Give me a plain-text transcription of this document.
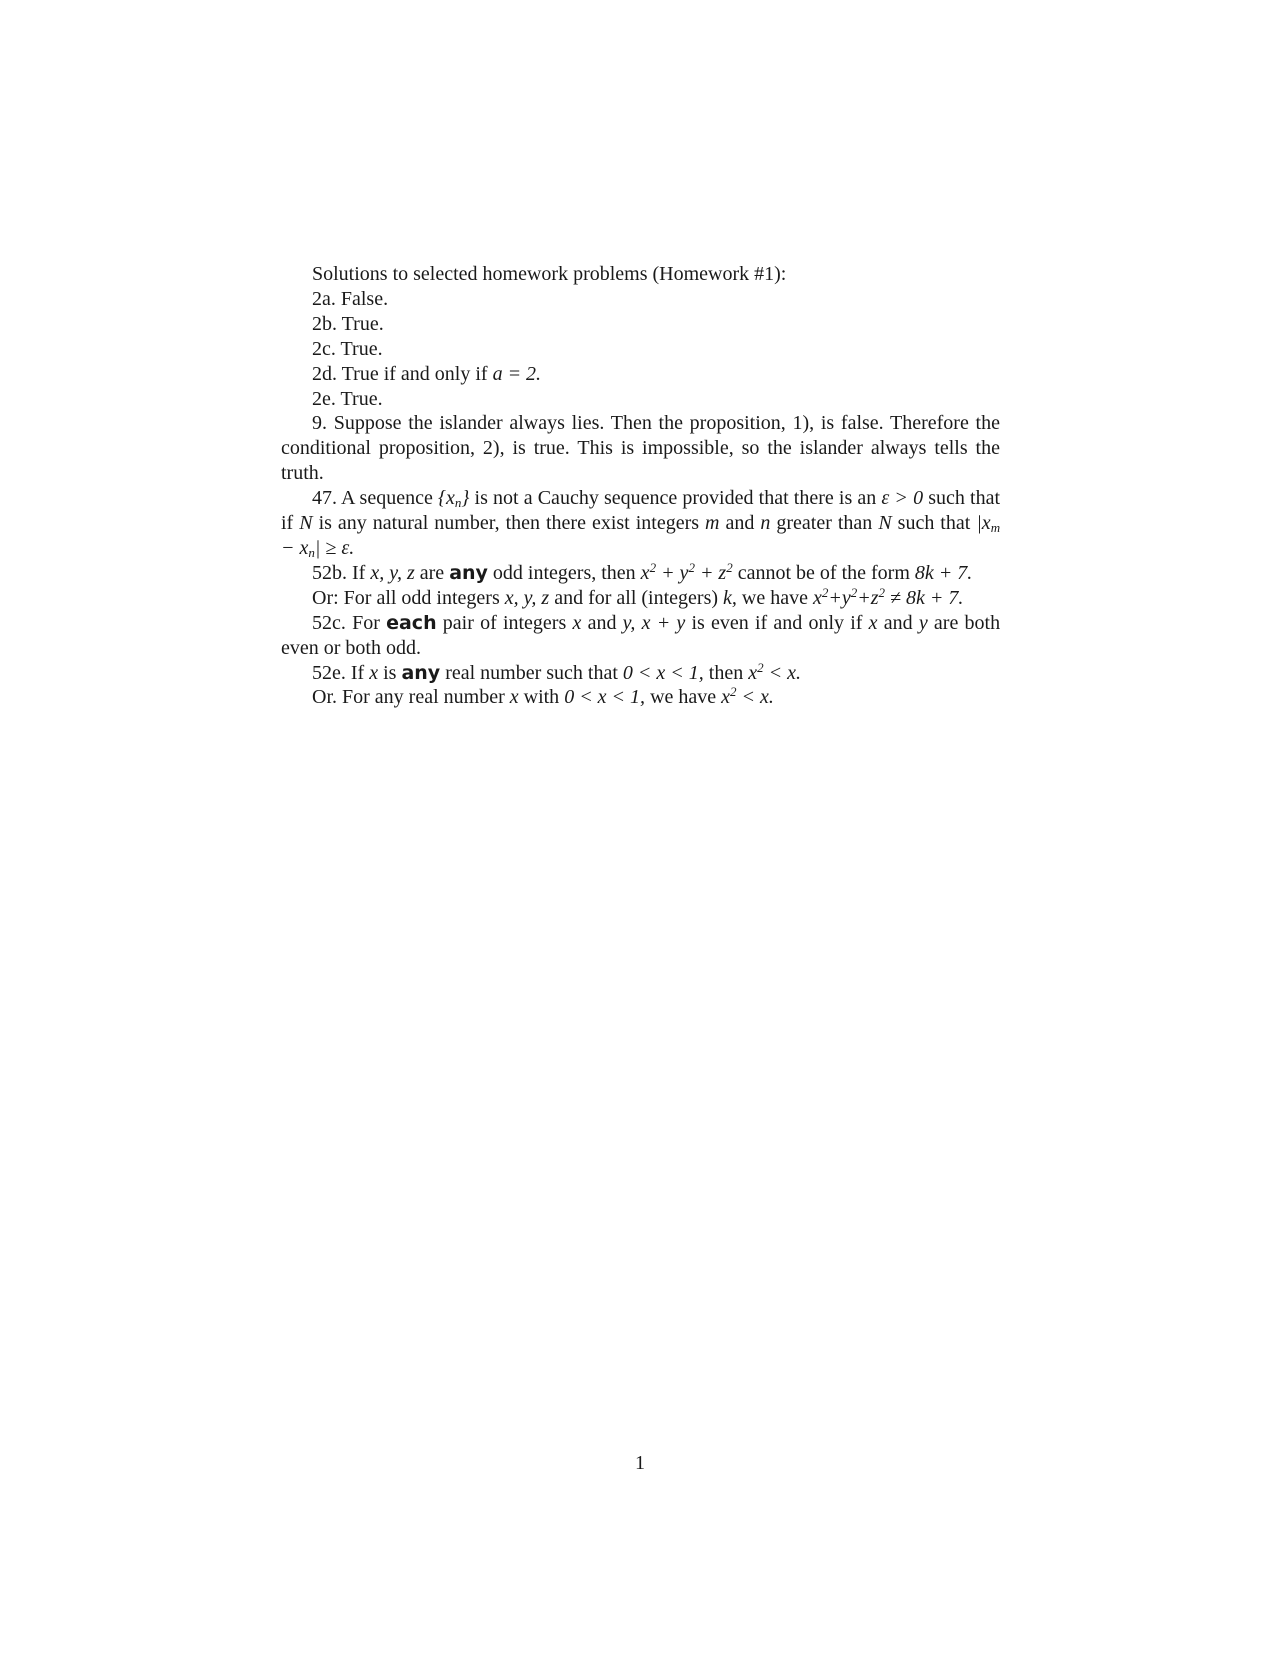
Solutions to selected homework problems (Homework #1):

2a. False.

2b. True.

2c. True.

2d. True if and only if a = 2.

2e. True.

9. Suppose the islander always lies. Then the proposition, 1), is false. Therefore the conditional proposition, 2), is true. This is impossible, so the islander always tells the truth.

47. A sequence $\{x_n\}$ is not a Cauchy sequence provided that there is an ε > 0 such that if N is any natural number, then there exist integers m and n greater than N such that $|x_m - x_n| \ge \varepsilon$.

52b. If x, y, z are any odd integers, then $x^2 + y^2 + z^2$ cannot be of the form 8k + 7.

Or: For all odd integers x, y, z and for all (integers) k, we have $x^2+y^2+z^2 \ne 8k + 7$.

52c. For each pair of integers x and y, x + y is even if and only if x and y are both even or both odd.

52e. If x is any real number such that 0 < x < 1, then $x^2 < x$.

Or. For any real number x with 0 < x < 1, we have $x^2 < x$.

1
